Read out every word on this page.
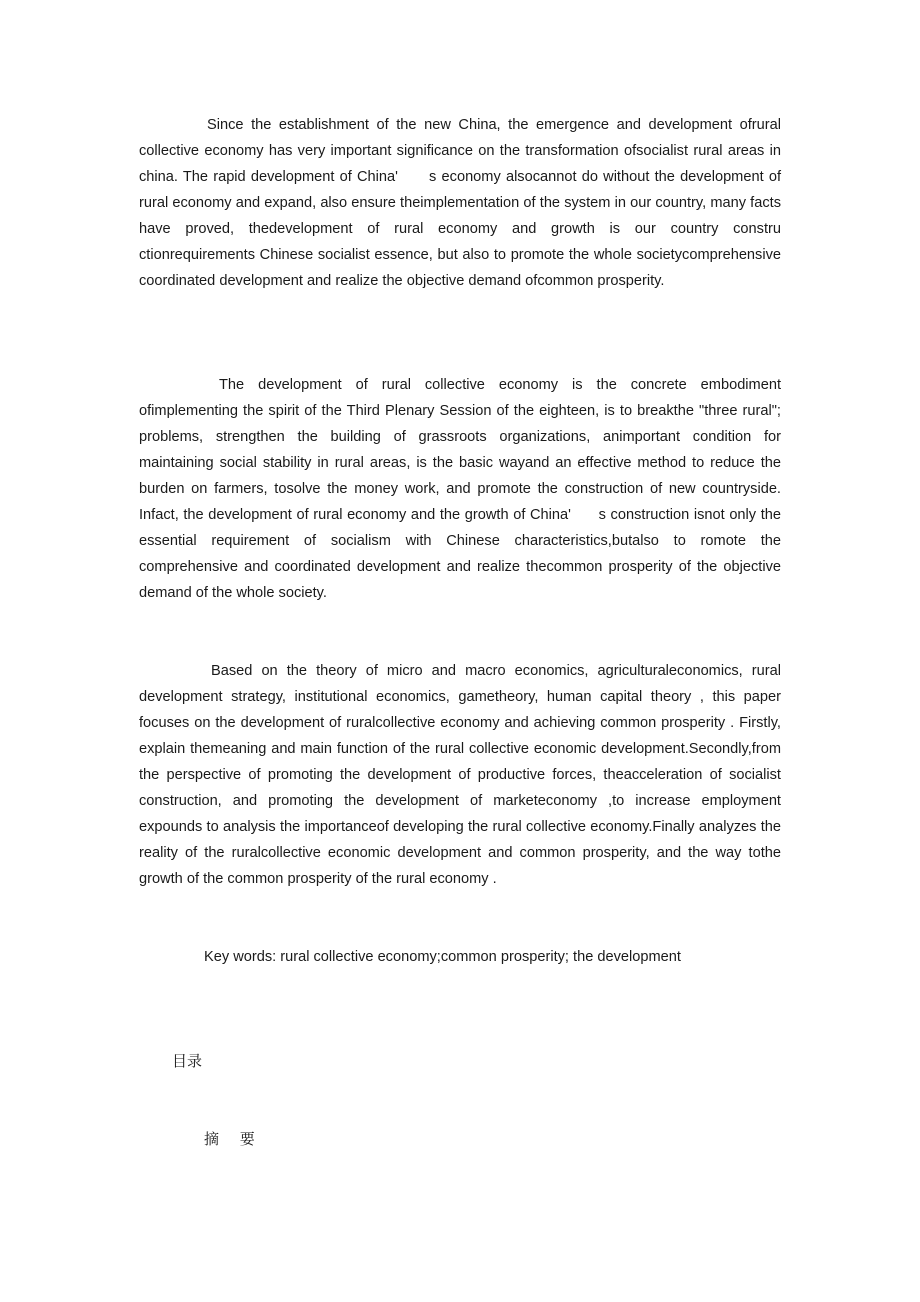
Since the establishment of the new China, the emergence and development ofrural collective economy has very important significance on the transformation ofsocialist rural areas in china. The rapid development of China'      s economy alsocannot do without the development of rural economy and expand, also ensure theimplementation of the system in our country, many facts have proved, thedevelopment of rural economy and growth is our country constru ctionrequirements Chinese socialist essence, but also to promote the whole societycomprehensive coordinated development and realize the objective demand ofcommon prosperity.

The development of rural collective economy is the concrete embodiment ofimplementing the spirit of the Third Plenary Session of the eighteen, is to breakthe "three rural"; problems, strengthen the building of grassroots organizations, animportant condition for maintaining social stability in rural areas, is the basic wayand an effective method to reduce the burden on farmers, tosolve the money work, and promote the construction of new countryside. Infact, the development of rural economy and the growth of China'      s construction isnot only the essential requirement of socialism with Chinese characteristics,butalso to romote the comprehensive and coordinated development and realize thecommon prosperity of the objective demand of the whole society.

Based on the theory of micro and macro economics, agriculturaleconomics, rural development strategy, institutional economics, gametheory, human capital theory , this paper focuses on the development of ruralcollective economy and achieving common prosperity . Firstly, explain themeaning and main function of the rural collective economic development.Secondly,from the perspective of promoting the development of productive forces, theacceleration of socialist construction, and promoting the development of marketeconomy ,to increase employment expounds to analysis the importanceof developing the rural collective economy.Finally analyzes the reality of the ruralcollective economic development and common prosperity, and the way tothe growth of the common prosperity of the rural economy .

Key words: rural collective economy;common prosperity; the development

目录

摘 要
